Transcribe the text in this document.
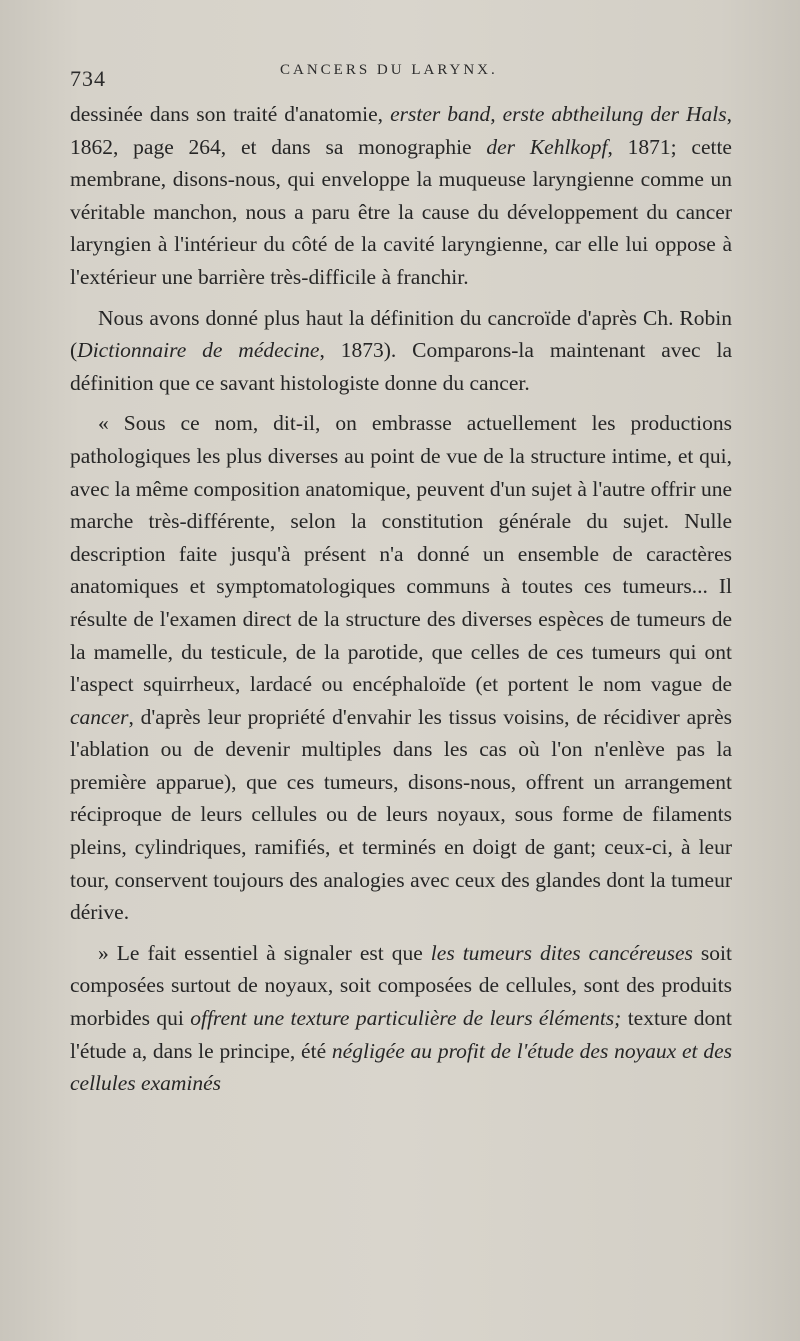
734	CANCERS DU LARYNX.

dessinée dans son traité d'anatomie, erster band, erste abtheilung der Hals, 1862, page 264, et dans sa monographie der Kehlkopf, 1871; cette membrane, disons-nous, qui enveloppe la muqueuse laryngienne comme un véritable manchon, nous a paru être la cause du développement du cancer laryngien à l'intérieur du côté de la cavité laryngienne, car elle lui oppose à l'extérieur une barrière très-difficile à franchir.

Nous avons donné plus haut la définition du cancroïde d'après Ch. Robin (Dictionnaire de médecine, 1873). Comparons-la maintenant avec la définition que ce savant histologiste donne du cancer.

« Sous ce nom, dit-il, on embrasse actuellement les productions pathologiques les plus diverses au point de vue de la structure intime, et qui, avec la même composition anatomique, peuvent d'un sujet à l'autre offrir une marche très-différente, selon la constitution générale du sujet. Nulle description faite jusqu'à présent n'a donné un ensemble de caractères anatomiques et symptomatologiques communs à toutes ces tumeurs... Il résulte de l'examen direct de la structure des diverses espèces de tumeurs de la mamelle, du testicule, de la parotide, que celles de ces tumeurs qui ont l'aspect squirrheux, lardacé ou encéphaloïde (et portent le nom vague de cancer, d'après leur propriété d'envahir les tissus voisins, de récidiver après l'ablation ou de devenir multiples dans les cas où l'on n'enlève pas la première apparue), que ces tumeurs, disons-nous, offrent un arrangement réciproque de leurs cellules ou de leurs noyaux, sous forme de filaments pleins, cylindriques, ramifiés, et terminés en doigt de gant; ceux-ci, à leur tour, conservent toujours des analogies avec ceux des glandes dont la tumeur dérive.

» Le fait essentiel à signaler est que les tumeurs dites cancéreuses soit composées surtout de noyaux, soit composées de cellules, sont des produits morbides qui offrent une texture particulière de leurs éléments; texture dont l'étude a, dans le principe, été négligée au profit de l'étude des noyaux et des cellules examinés
